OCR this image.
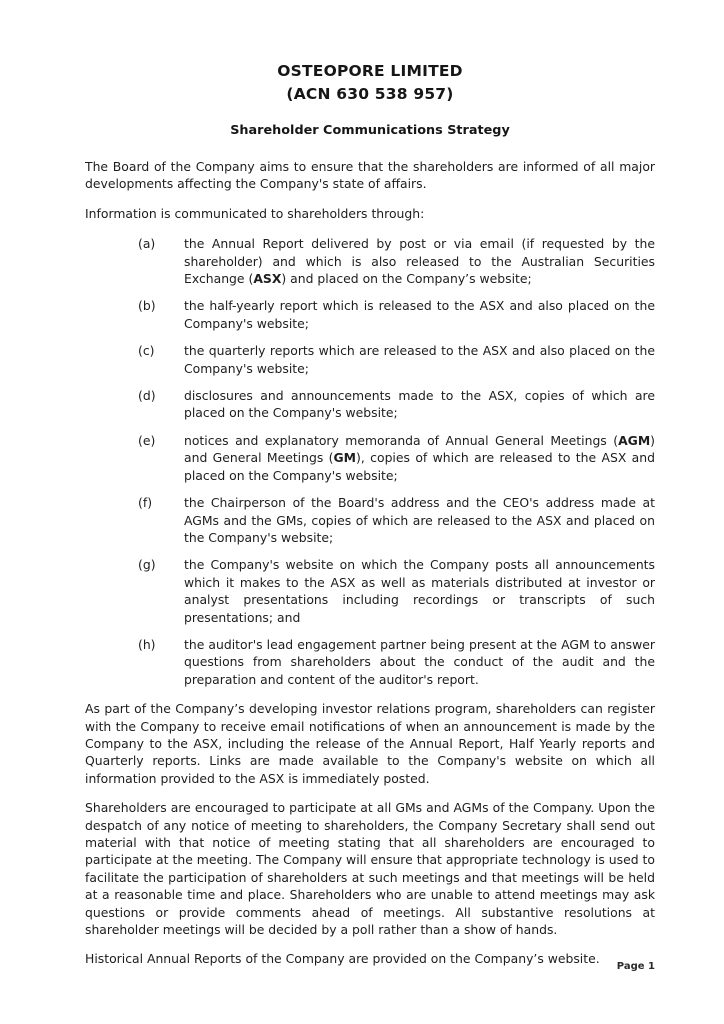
OSTEOPORE LIMITED
(ACN 630 538 957)
Shareholder Communications Strategy

The Board of the Company aims to ensure that the shareholders are informed of all major developments affecting the Company's state of affairs.

Information is communicated to shareholders through:

(a)	the Annual Report delivered by post or via email (if requested by the shareholder) and which is also released to the Australian Securities Exchange (ASX) and placed on the Company’s website;
(b)	the half-yearly report which is released to the ASX and also placed on the Company's website;
(c)	the quarterly reports which are released to the ASX and also placed on the Company's website;
(d)	disclosures and announcements made to the ASX, copies of which are placed on the Company's website;
(e)	notices and explanatory memoranda of Annual General Meetings (AGM) and General Meetings (GM), copies of which are released to the ASX and placed on the Company's website;
(f)	the Chairperson of the Board's address and the CEO's address made at AGMs and the GMs, copies of which are released to the ASX and placed on the Company's website;
(g)	the Company's website on which the Company posts all announcements which it makes to the ASX as well as materials distributed at investor or analyst presentations including recordings or transcripts of such presentations; and
(h)	the auditor's lead engagement partner being present at the AGM to answer questions from shareholders about the conduct of the audit and the preparation and content of the auditor's report.

As part of the Company’s developing investor relations program, shareholders can register with the Company to receive email notifications of when an announcement is made by the Company to the ASX, including the release of the Annual Report, Half Yearly reports and Quarterly reports. Links are made available to the Company's website on which all information provided to the ASX is immediately posted.

Shareholders are encouraged to participate at all GMs and AGMs of the Company. Upon the despatch of any notice of meeting to shareholders, the Company Secretary shall send out material with that notice of meeting stating that all shareholders are encouraged to participate at the meeting. The Company will ensure that appropriate technology is used to facilitate the participation of shareholders at such meetings and that meetings will be held at a reasonable time and place. Shareholders who are unable to attend meetings may ask questions or provide comments ahead of meetings. All substantive resolutions at shareholder meetings will be decided by a poll rather than a show of hands.

Historical Annual Reports of the Company are provided on the Company’s website.

Page 1
